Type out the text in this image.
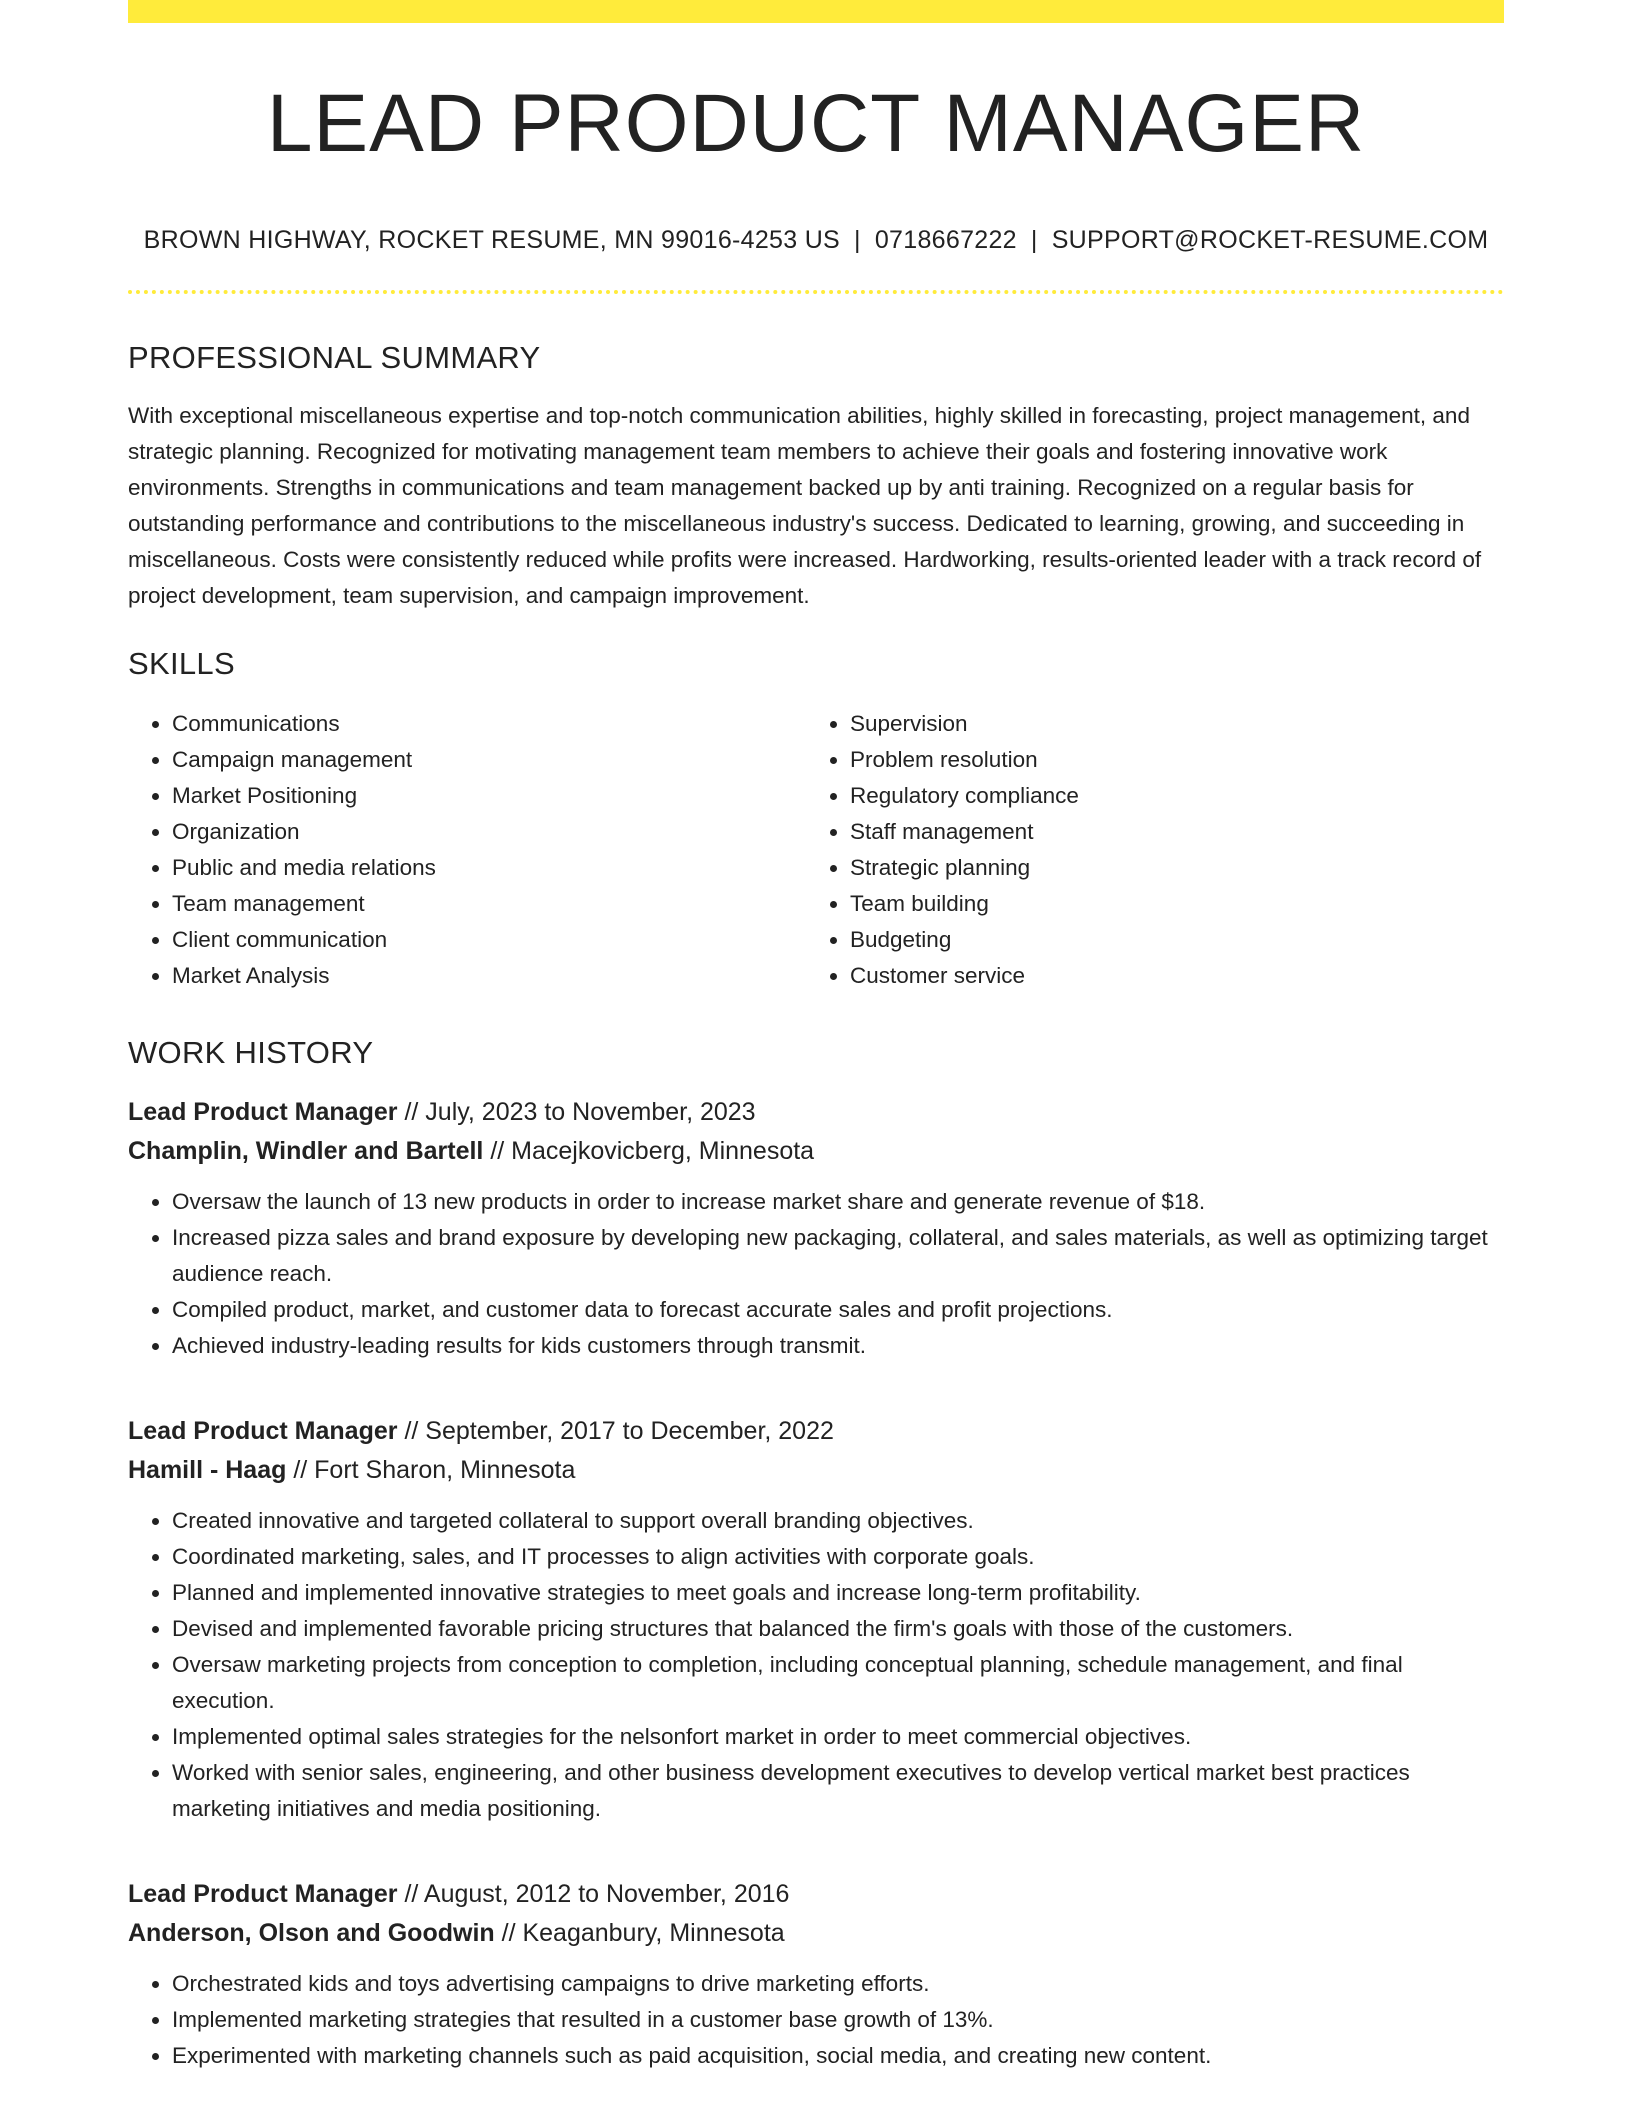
LEAD PRODUCT MANAGER
BROWN HIGHWAY, ROCKET RESUME, MN 99016-4253 US | 0718667222 | SUPPORT@ROCKET-RESUME.COM
PROFESSIONAL SUMMARY

With exceptional miscellaneous expertise and top-notch communication abilities, highly skilled in forecasting, project management, and strategic planning. Recognized for motivating management team members to achieve their goals and fostering innovative work environments. Strengths in communications and team management backed up by anti training. Recognized on a regular basis for outstanding performance and contributions to the miscellaneous industry's success. Dedicated to learning, growing, and succeeding in miscellaneous. Costs were consistently reduced while profits were increased. Hardworking, results-oriented leader with a track record of project development, team supervision, and campaign improvement.

SKILLS
• Communications
• Campaign management
• Market Positioning
• Organization
• Public and media relations
• Team management
• Client communication
• Market Analysis
• Supervision
• Problem resolution
• Regulatory compliance
• Staff management
• Strategic planning
• Team building
• Budgeting
• Customer service
WORK HISTORY
Lead Product Manager // July, 2023 to November, 2023
Champlin, Windler and Bartell // Macejkovicberg, Minnesota
• Oversaw the launch of 13 new products in order to increase market share and generate revenue of $18.
• Increased pizza sales and brand exposure by developing new packaging, collateral, and sales materials, as well as optimizing target audience reach.
• Compiled product, market, and customer data to forecast accurate sales and profit projections.
• Achieved industry-leading results for kids customers through transmit.
Lead Product Manager // September, 2017 to December, 2022
Hamill - Haag // Fort Sharon, Minnesota
• Created innovative and targeted collateral to support overall branding objectives.
• Coordinated marketing, sales, and IT processes to align activities with corporate goals.
• Planned and implemented innovative strategies to meet goals and increase long-term profitability.
• Devised and implemented favorable pricing structures that balanced the firm's goals with those of the customers.
• Oversaw marketing projects from conception to completion, including conceptual planning, schedule management, and final execution.
• Implemented optimal sales strategies for the nelsonfort market in order to meet commercial objectives.
• Worked with senior sales, engineering, and other business development executives to develop vertical market best practices marketing initiatives and media positioning.
Lead Product Manager // August, 2012 to November, 2016
Anderson, Olson and Goodwin // Keaganbury, Minnesota
• Orchestrated kids and toys advertising campaigns to drive marketing efforts.
• Implemented marketing strategies that resulted in a customer base growth of 13%.
• Experimented with marketing channels such as paid acquisition, social media, and creating new content.
